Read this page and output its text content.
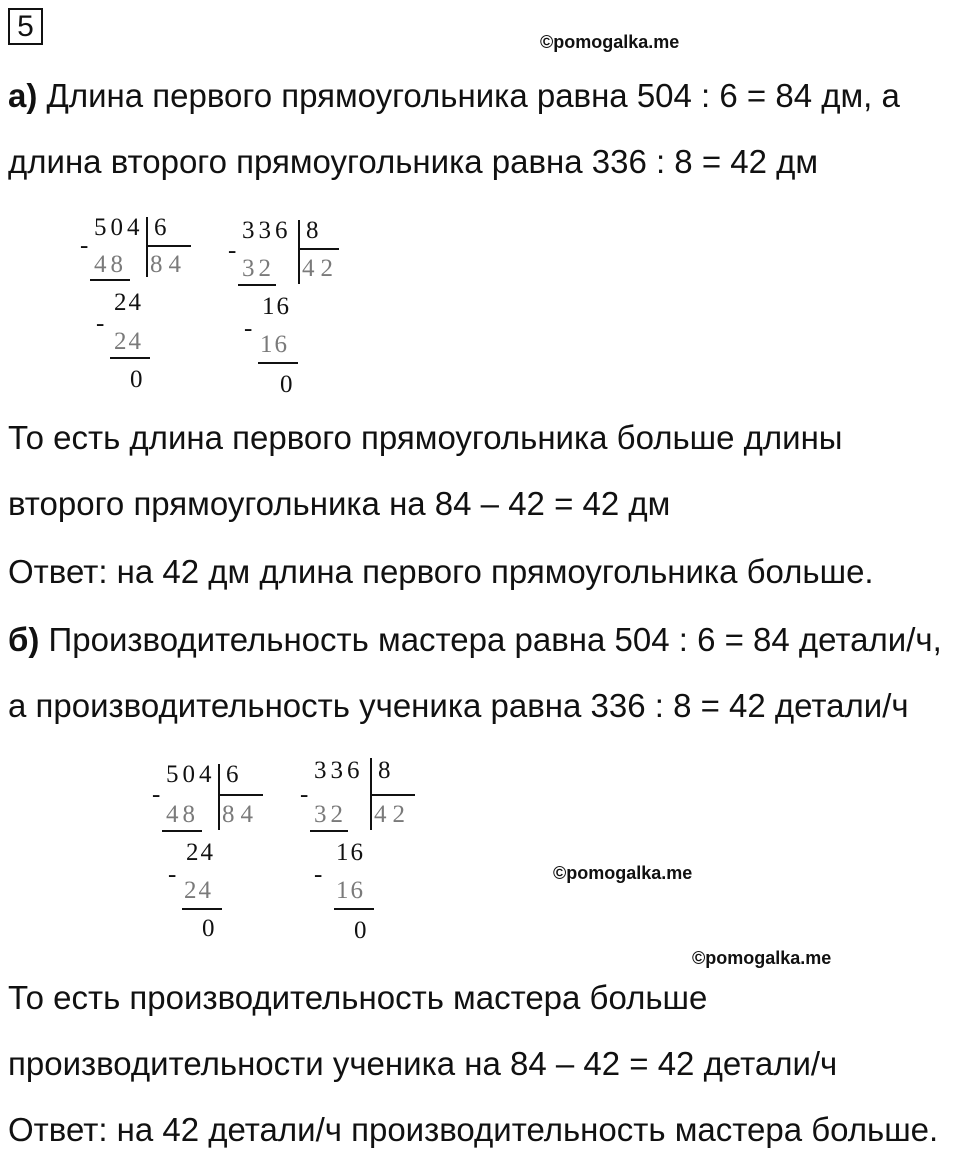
5	©pomogalka.me
а) Длина первого прямоугольника равна 504 : 6 = 84 дм, а
длина второго прямоугольника равна 336 : 8 = 42 дм
504 6
-
48 84
24
-
24
0
336 8
-
32 42
16
-
16
0
То есть длина первого прямоугольника больше длины
второго прямоугольника на 84 – 42 = 42 дм
Ответ: на 42 дм длина первого прямоугольника больше.
б) Производительность мастера равна 504 : 6 = 84 детали/ч,
а производительность ученика равна 336 : 8 = 42 детали/ч
504 6
-
48 84
24
-
24
0
336 8
-
32 42
16
-
16
0
©pomogalka.me
©pomogalka.me
То есть производительность мастера больше
производительности ученика на 84 – 42 = 42 детали/ч
Ответ: на 42 детали/ч производительность мастера больше.
